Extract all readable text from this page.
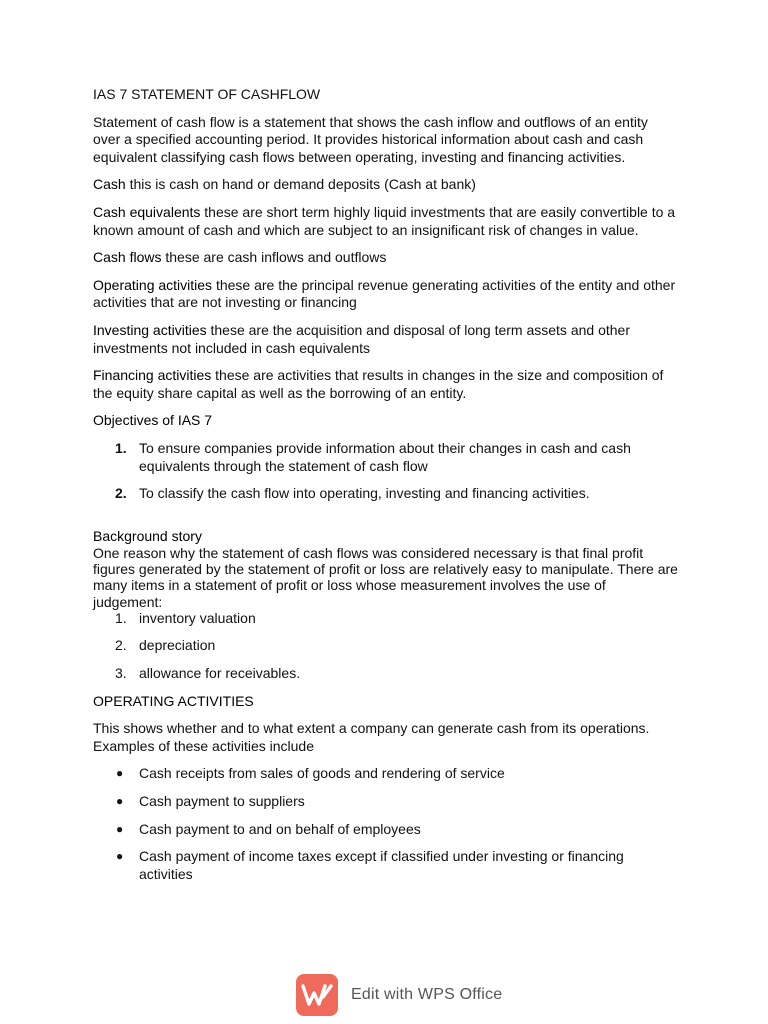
IAS 7 STATEMENT OF CASHFLOW

Statement of cash flow is a statement that shows the cash inflow and outflows of an entity over a specified accounting period. It provides historical information about cash and cash equivalent classifying cash flows between operating, investing and financing activities.

Cash this is cash on hand or demand deposits (Cash at bank)

Cash equivalents these are short term highly liquid investments that are easily convertible to a known amount of cash and which are subject to an insignificant risk of changes in value.

Cash flows these are cash inflows and outflows

Operating activities these are the principal revenue generating activities of the entity and other activities that are not investing or financing

Investing activities these are the acquisition and disposal of long term assets and other investments not included in cash equivalents

Financing activities these are activities that results in changes in the size and composition of the equity share capital as well as the borrowing of an entity.

Objectives of IAS 7

1. To ensure companies provide information about their changes in cash and cash equivalents through the statement of cash flow
2. To classify the cash flow into operating, investing and financing activities.

Background story

One reason why the statement of cash flows was considered necessary is that final profit figures generated by the statement of profit or loss are relatively easy to manipulate. There are many items in a statement of profit or loss whose measurement involves the use of judgement:

1. inventory valuation
2. depreciation
3. allowance for receivables.

OPERATING ACTIVITIES

This shows whether and to what extent a company can generate cash from its operations. Examples of these activities include

●	Cash receipts from sales of goods and rendering of service
●	Cash payment to suppliers
●	Cash payment to and on behalf of employees
●	Cash payment of income taxes except if classified under investing or financing activities
Edit with WPS Office
